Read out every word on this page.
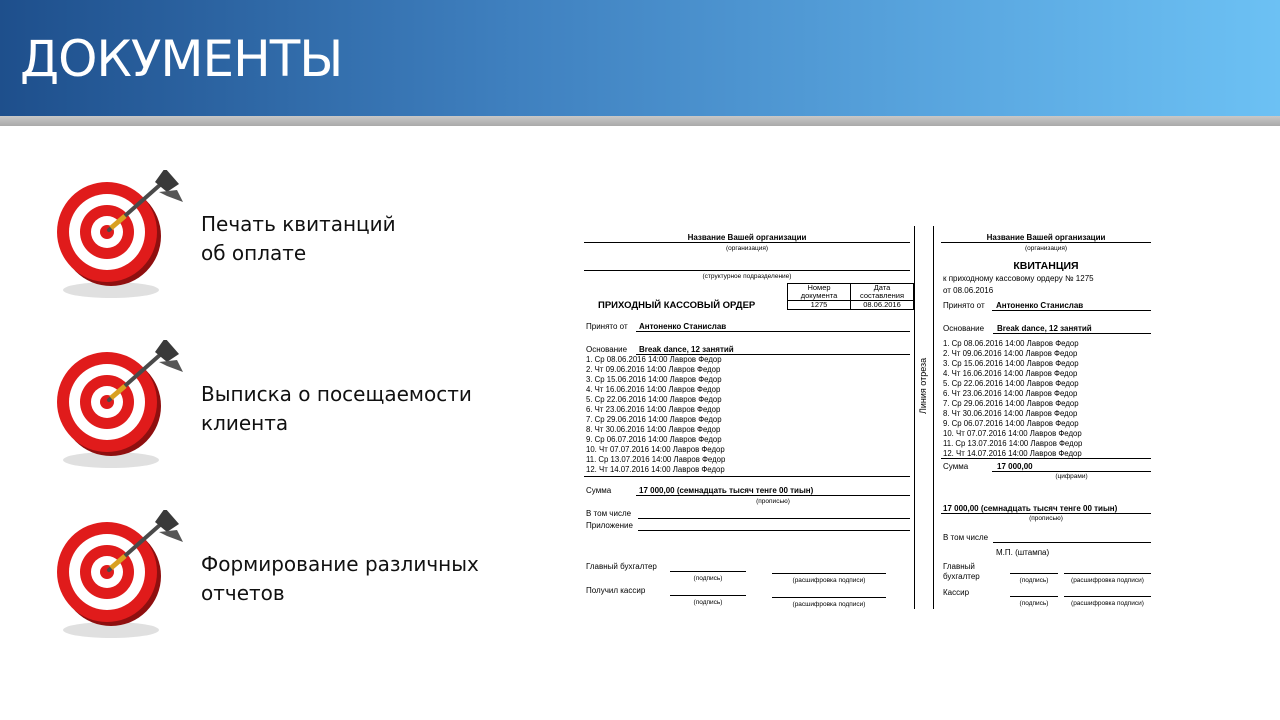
ДОКУМЕНТЫ
Печать квитанций
об оплате
Выписка о посещаемости
клиента
Формирование различных
отчетов
Название Вашей организации
(организация)
(структурное подразделение)
ПРИХОДНЫЙ КАССОВЫЙ ОРДЕР
Номер документа	Дата составления
1275	08.06.2016
Принято от Антоненко Станислав
Основание Break dance, 12 занятий
1. Ср 08.06.2016 14:00 Лавров Федор
2. Чт 09.06.2016 14:00 Лавров Федор
3. Ср 15.06.2016 14:00 Лавров Федор
4. Чт 16.06.2016 14:00 Лавров Федор
5. Ср 22.06.2016 14:00 Лавров Федор
6. Чт 23.06.2016 14:00 Лавров Федор
7. Ср 29.06.2016 14:00 Лавров Федор
8. Чт 30.06.2016 14:00 Лавров Федор
9. Ср 06.07.2016 14:00 Лавров Федор
10. Чт 07.07.2016 14:00 Лавров Федор
11. Ср 13.07.2016 14:00 Лавров Федор
12. Чт 14.07.2016 14:00 Лавров Федор
Сумма	17 000,00 (семнадцать тысяч тенге 00 тиын)
(прописью)
В том числе
Приложение
Главный бухгалтер
(подпись)	(расшифровка подписи)
Получил кассир
(подпись)	(расшифровка подписи)
Линия отреза
Название Вашей организации
(организация)
КВИТАНЦИЯ
к приходному кассовому ордеру № 1275
от 08.06.2016
Принято от Антоненко Станислав
Основание Break dance, 12 занятий
1. Ср 08.06.2016 14:00 Лавров Федор
2. Чт 09.06.2016 14:00 Лавров Федор
3. Ср 15.06.2016 14:00 Лавров Федор
4. Чт 16.06.2016 14:00 Лавров Федор
5. Ср 22.06.2016 14:00 Лавров Федор
6. Чт 23.06.2016 14:00 Лавров Федор
7. Ср 29.06.2016 14:00 Лавров Федор
8. Чт 30.06.2016 14:00 Лавров Федор
9. Ср 06.07.2016 14:00 Лавров Федор
10. Чт 07.07.2016 14:00 Лавров Федор
11. Ср 13.07.2016 14:00 Лавров Федор
12. Чт 14.07.2016 14:00 Лавров Федор
Сумма	17 000,00
(цифрами)
17 000,00 (семнадцать тысяч тенге 00 тиын)
(прописью)
В том числе
М.П. (штампа)
Главный
бухгалтер	(подпись)	(расшифровка подписи)
Кассир
(подпись)	(расшифровка подписи)
